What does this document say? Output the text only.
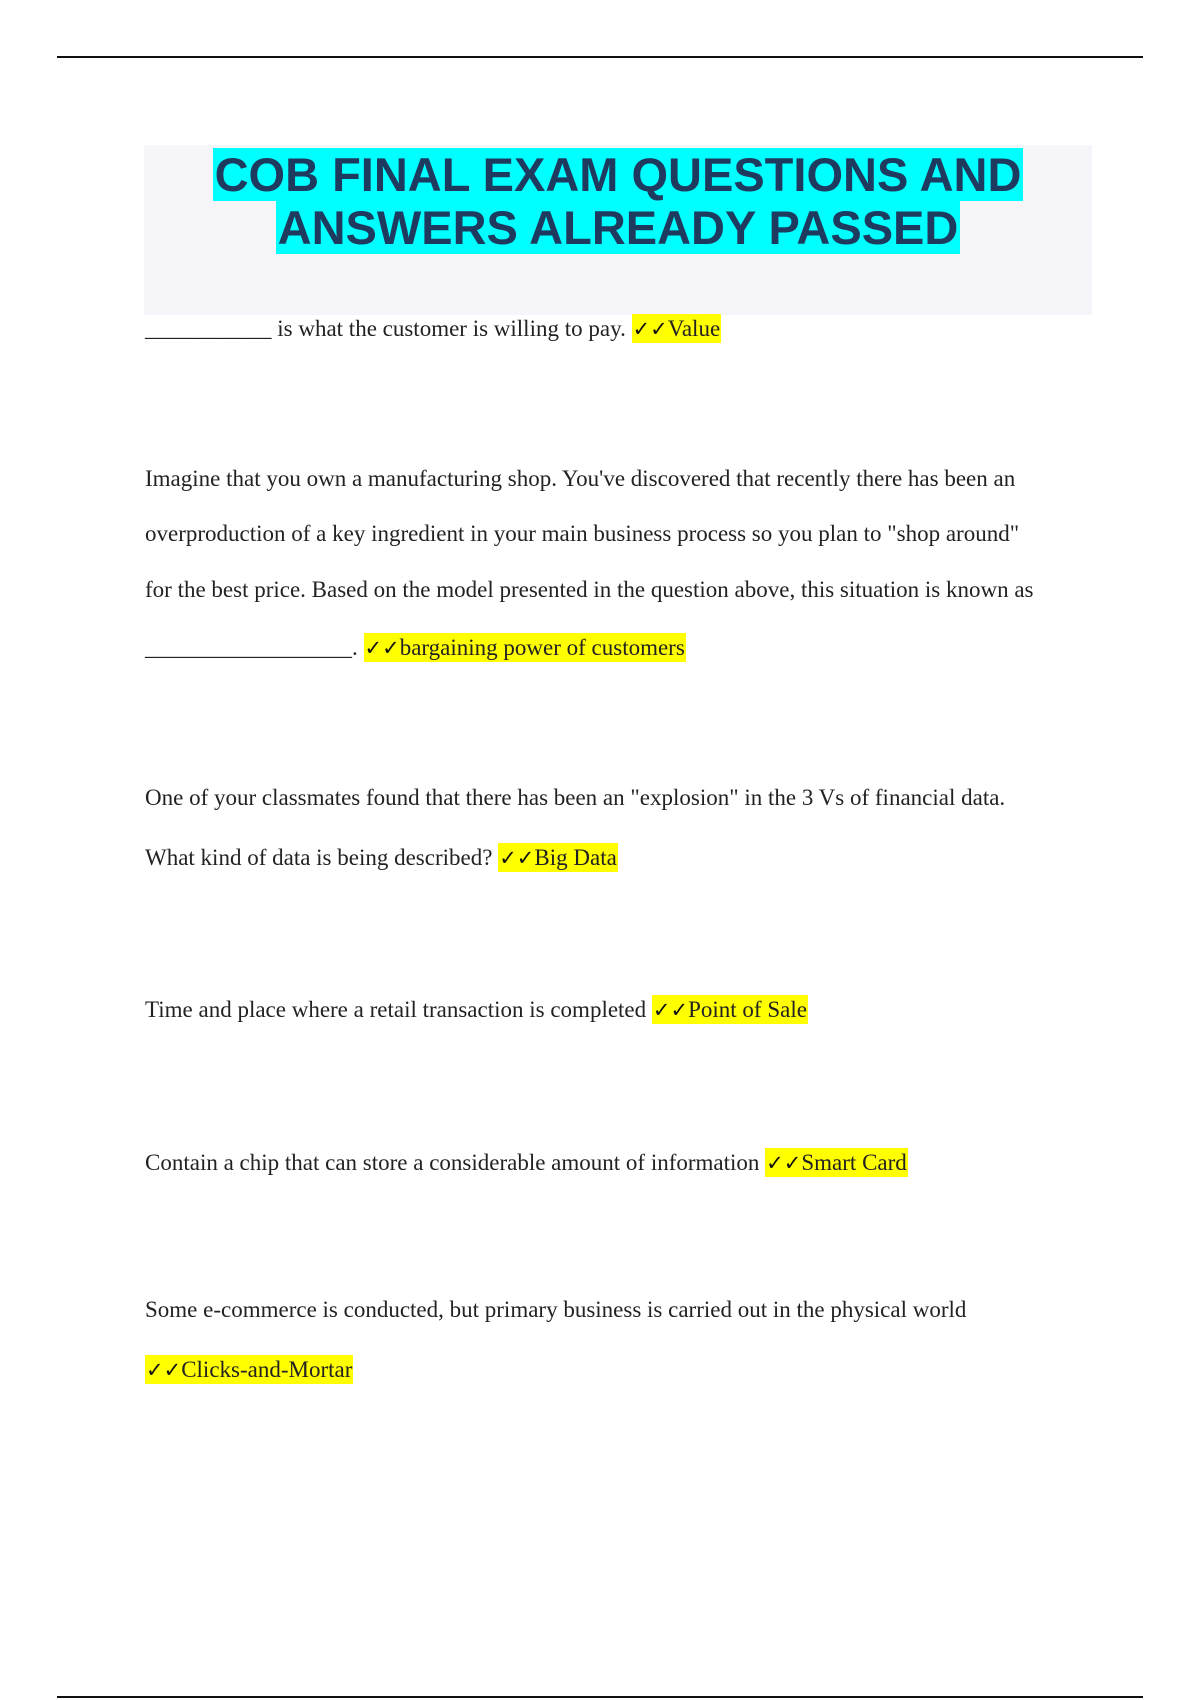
COB FINAL EXAM QUESTIONS AND
ANSWERS ALREADY PASSED
___________ is what the customer is willing to pay. ✓✓Value
Imagine that you own a manufacturing shop. You've discovered that recently there has been an
overproduction of a key ingredient in your main business process so you plan to "shop around"
for the best price. Based on the model presented in the question above, this situation is known as
__________________. ✓✓bargaining power of customers
One of your classmates found that there has been an "explosion" in the 3 Vs of financial data.
What kind of data is being described? ✓✓Big Data
Time and place where a retail transaction is completed ✓✓Point of Sale
Contain a chip that can store a considerable amount of information ✓✓Smart Card
Some e-commerce is conducted, but primary business is carried out in the physical world
✓✓Clicks-and-Mortar
